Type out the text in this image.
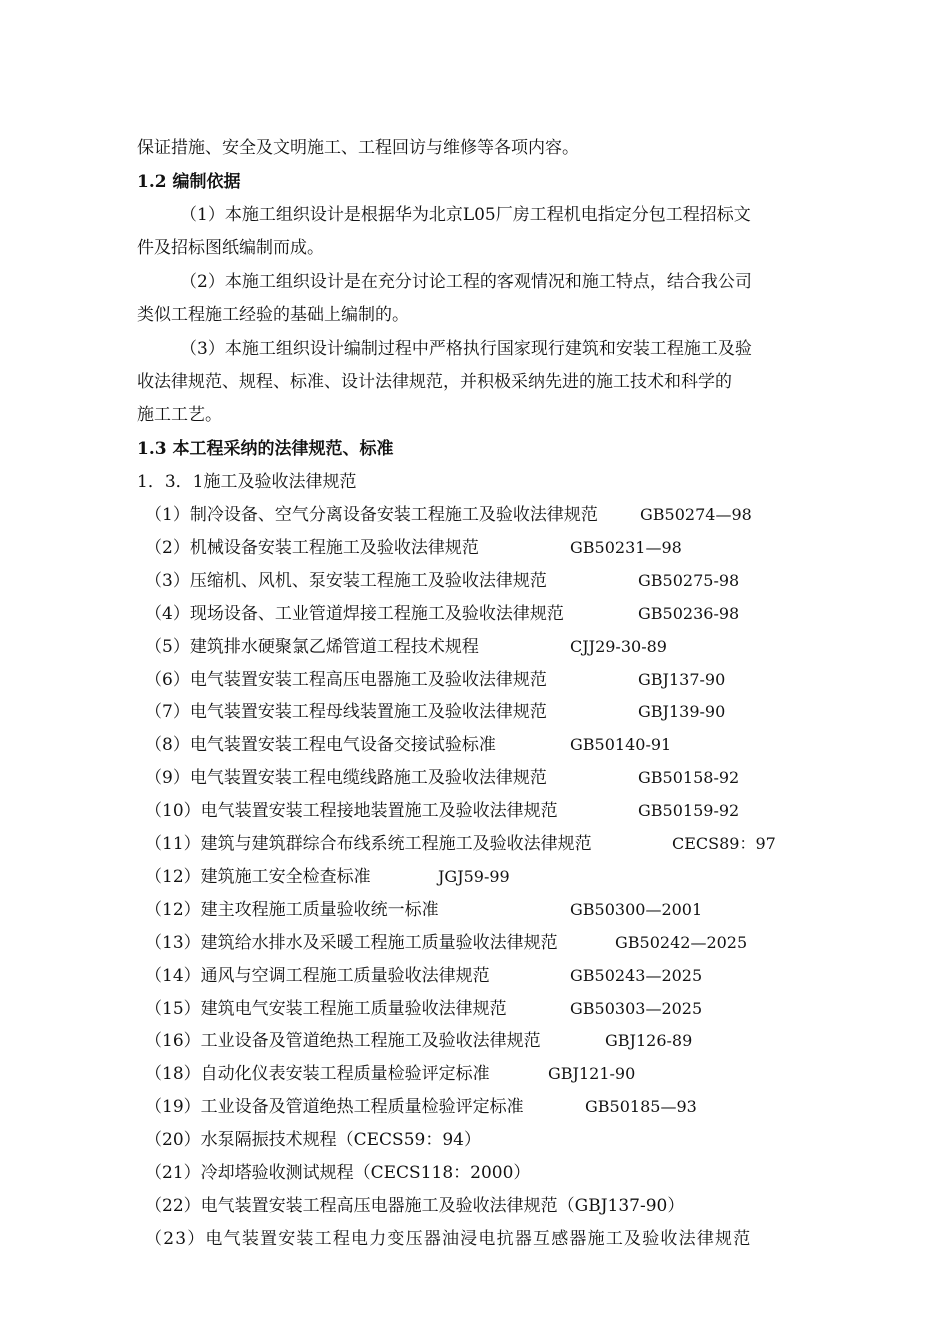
保证措施、安全及文明施工、工程回访与维修等各项内容。
1.2 编制依据
（1）本施工组织设计是根据华为北京L05厂房工程机电指定分包工程招标文
件及招标图纸编制而成。
（2）本施工组织设计是在充分讨论工程的客观情况和施工特点，结合我公司
类似工程施工经验的基础上编制的。
（3）本施工组织设计编制过程中严格执行国家现行建筑和安装工程施工及验
收法律规范、规程、标准、设计法律规范，并积极采纳先进的施工技术和科学的
施工工艺。
1.3 本工程采纳的法律规范、标准
1．3．1施工及验收法律规范
（1）制冷设备、空气分离设备安装工程施工及验收法律规范	GB50274—98
（2）机械设备安装工程施工及验收法律规范	GB50231—98
（3）压缩机、风机、泵安装工程施工及验收法律规范	GB50275-98
（4）现场设备、工业管道焊接工程施工及验收法律规范	GB50236-98
（5）建筑排水硬聚氯乙烯管道工程技术规程	CJJ29-30-89
（6）电气装置安装工程高压电器施工及验收法律规范	GBJ137-90
（7）电气装置安装工程母线装置施工及验收法律规范	GBJ139-90
（8）电气装置安装工程电气设备交接试验标准	GB50140-91
（9）电气装置安装工程电缆线路施工及验收法律规范	GB50158-92
（10）电气装置安装工程接地装置施工及验收法律规范	GB50159-92
（11）建筑与建筑群综合布线系统工程施工及验收法律规范	CECS89：97
（12）建筑施工安全检查标准	JGJ59-99
（12）建主攻程施工质量验收统一标准	GB50300—2001
（13）建筑给水排水及采暖工程施工质量验收法律规范	GB50242—2025
（14）通风与空调工程施工质量验收法律规范	GB50243—2025
（15）建筑电气安装工程施工质量验收法律规范	GB50303—2025
（16）工业设备及管道绝热工程施工及验收法律规范	GBJ126-89
（18）自动化仪表安装工程质量检验评定标准	GBJ121-90
（19）工业设备及管道绝热工程质量检验评定标准	GB50185—93
（20）水泵隔振技术规程（CECS59：94）
（21）冷却塔验收测试规程（CECS118：2000）
（22）电气装置安装工程高压电器施工及验收法律规范（GBJ137-90）
（23）电气装置安装工程电力变压器油浸电抗器互感器施工及验收法律规范
